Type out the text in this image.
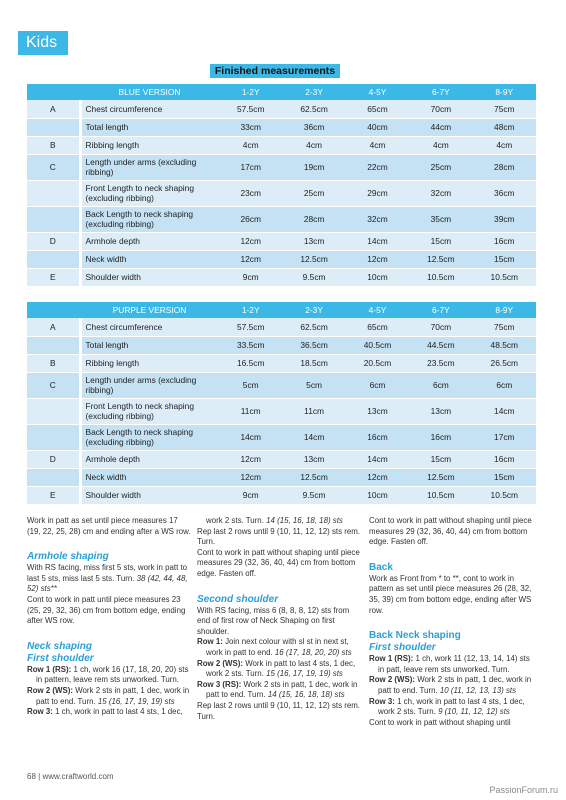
Kids
Finished measurements
	BLUE VERSION	1-2Y	2-3Y	4-5Y	6-7Y	8-9Y
A	Chest circumference	57.5cm	62.5cm	65cm	70cm	75cm
	Total length	33cm	36cm	40cm	44cm	48cm
B	Ribbing length	4cm	4cm	4cm	4cm	4cm
C	Length under arms (excluding ribbing)	17cm	19cm	22cm	25cm	28cm
	Front Length to neck shaping (excluding ribbing)	23cm	25cm	29cm	32cm	36cm
	Back Length to neck shaping (excluding ribbing)	26cm	28cm	32cm	35cm	39cm
D	Armhole depth	12cm	13cm	14cm	15cm	16cm
	Neck width	12cm	12.5cm	12cm	12.5cm	15cm
E	Shoulder width	9cm	9.5cm	10cm	10.5cm	10.5cm
	PURPLE VERSION	1-2Y	2-3Y	4-5Y	6-7Y	8-9Y
A	Chest circumference	57.5cm	62.5cm	65cm	70cm	75cm
	Total length	33.5cm	36.5cm	40.5cm	44.5cm	48.5cm
B	Ribbing length	16.5cm	18.5cm	20.5cm	23.5cm	26.5cm
C	Length under arms (excluding ribbing)	5cm	5cm	6cm	6cm	6cm
	Front Length to neck shaping (excluding ribbing)	11cm	11cm	13cm	13cm	14cm
	Back Length to neck shaping (excluding ribbing)	14cm	14cm	16cm	16cm	17cm
D	Armhole depth	12cm	13cm	14cm	15cm	16cm
	Neck width	12cm	12.5cm	12cm	12.5cm	15cm
E	Shoulder width	9cm	9.5cm	10cm	10.5cm	10.5cm

Work in patt as set until piece measures 17 (19, 22, 25, 28) cm and ending after a WS row.

Armhole shaping

With RS facing, miss first 5 sts, work in patt to last 5 sts, miss last 5 sts. Turn. 38 (42, 44, 48, 52) sts**

Cont to work in patt until piece measures 23 (25, 29, 32, 36) cm from bottom edge, ending after WS row.

Neck shaping
First shoulder

Row 1 (RS): 1 ch, work 16 (17, 18, 20, 20) sts in pattern, leave rem sts unworked. Turn.

Row 2 (WS): Work 2 sts in patt, 1 dec, work in patt to end. Turn. 15 (16, 17, 19, 19) sts

Row 3: 1 ch, work in patt to last 4 sts, 1 dec,

work 2 sts. Turn. 14 (15, 16, 18, 18) sts

Rep last 2 rows until 9 (10, 11, 12, 12) sts rem. Turn.

Cont to work in patt without shaping until piece measures 29 (32, 36, 40, 44) cm from bottom edge. Fasten off.

Second shoulder

With RS facing, miss 6 (8, 8, 8, 12) sts from end of first row of Neck Shaping on first shoulder.

Row 1: Join next colour with sl st in next st, work in patt to end. 16 (17, 18, 20, 20) sts

Row 2 (WS): Work in patt to last 4 sts, 1 dec, work 2 sts. Turn. 15 (16, 17, 19, 19) sts

Row 3 (RS): Work 2 sts in patt, 1 dec, work in patt to end. Turn. 14 (15, 16, 18, 18) sts

Rep last 2 rows until 9 (10, 11, 12, 12) sts rem. Turn.

Cont to work in patt without shaping until piece measures 29 (32, 36, 40, 44) cm from bottom edge. Fasten off.

Back

Work as Front from * to **, cont to work in pattern as set until piece measures 26 (28, 32, 35, 39) cm from bottom edge, ending after WS row.

Back Neck shaping
First shoulder

Row 1 (RS): 1 ch, work 11 (12, 13, 14, 14) sts in patt, leave rem sts unworked. Turn.

Row 2 (WS): Work 2 sts in patt, 1 dec, work in patt to end. Turn. 10 (11, 12, 13, 13) sts

Row 3: 1 ch, work in patt to last 4 sts, 1 dec, work 2 sts. Turn. 9 (10, 11, 12, 12) sts

Cont to work in patt without shaping until

68 | www.craftworld.com
PassionForum.ru
